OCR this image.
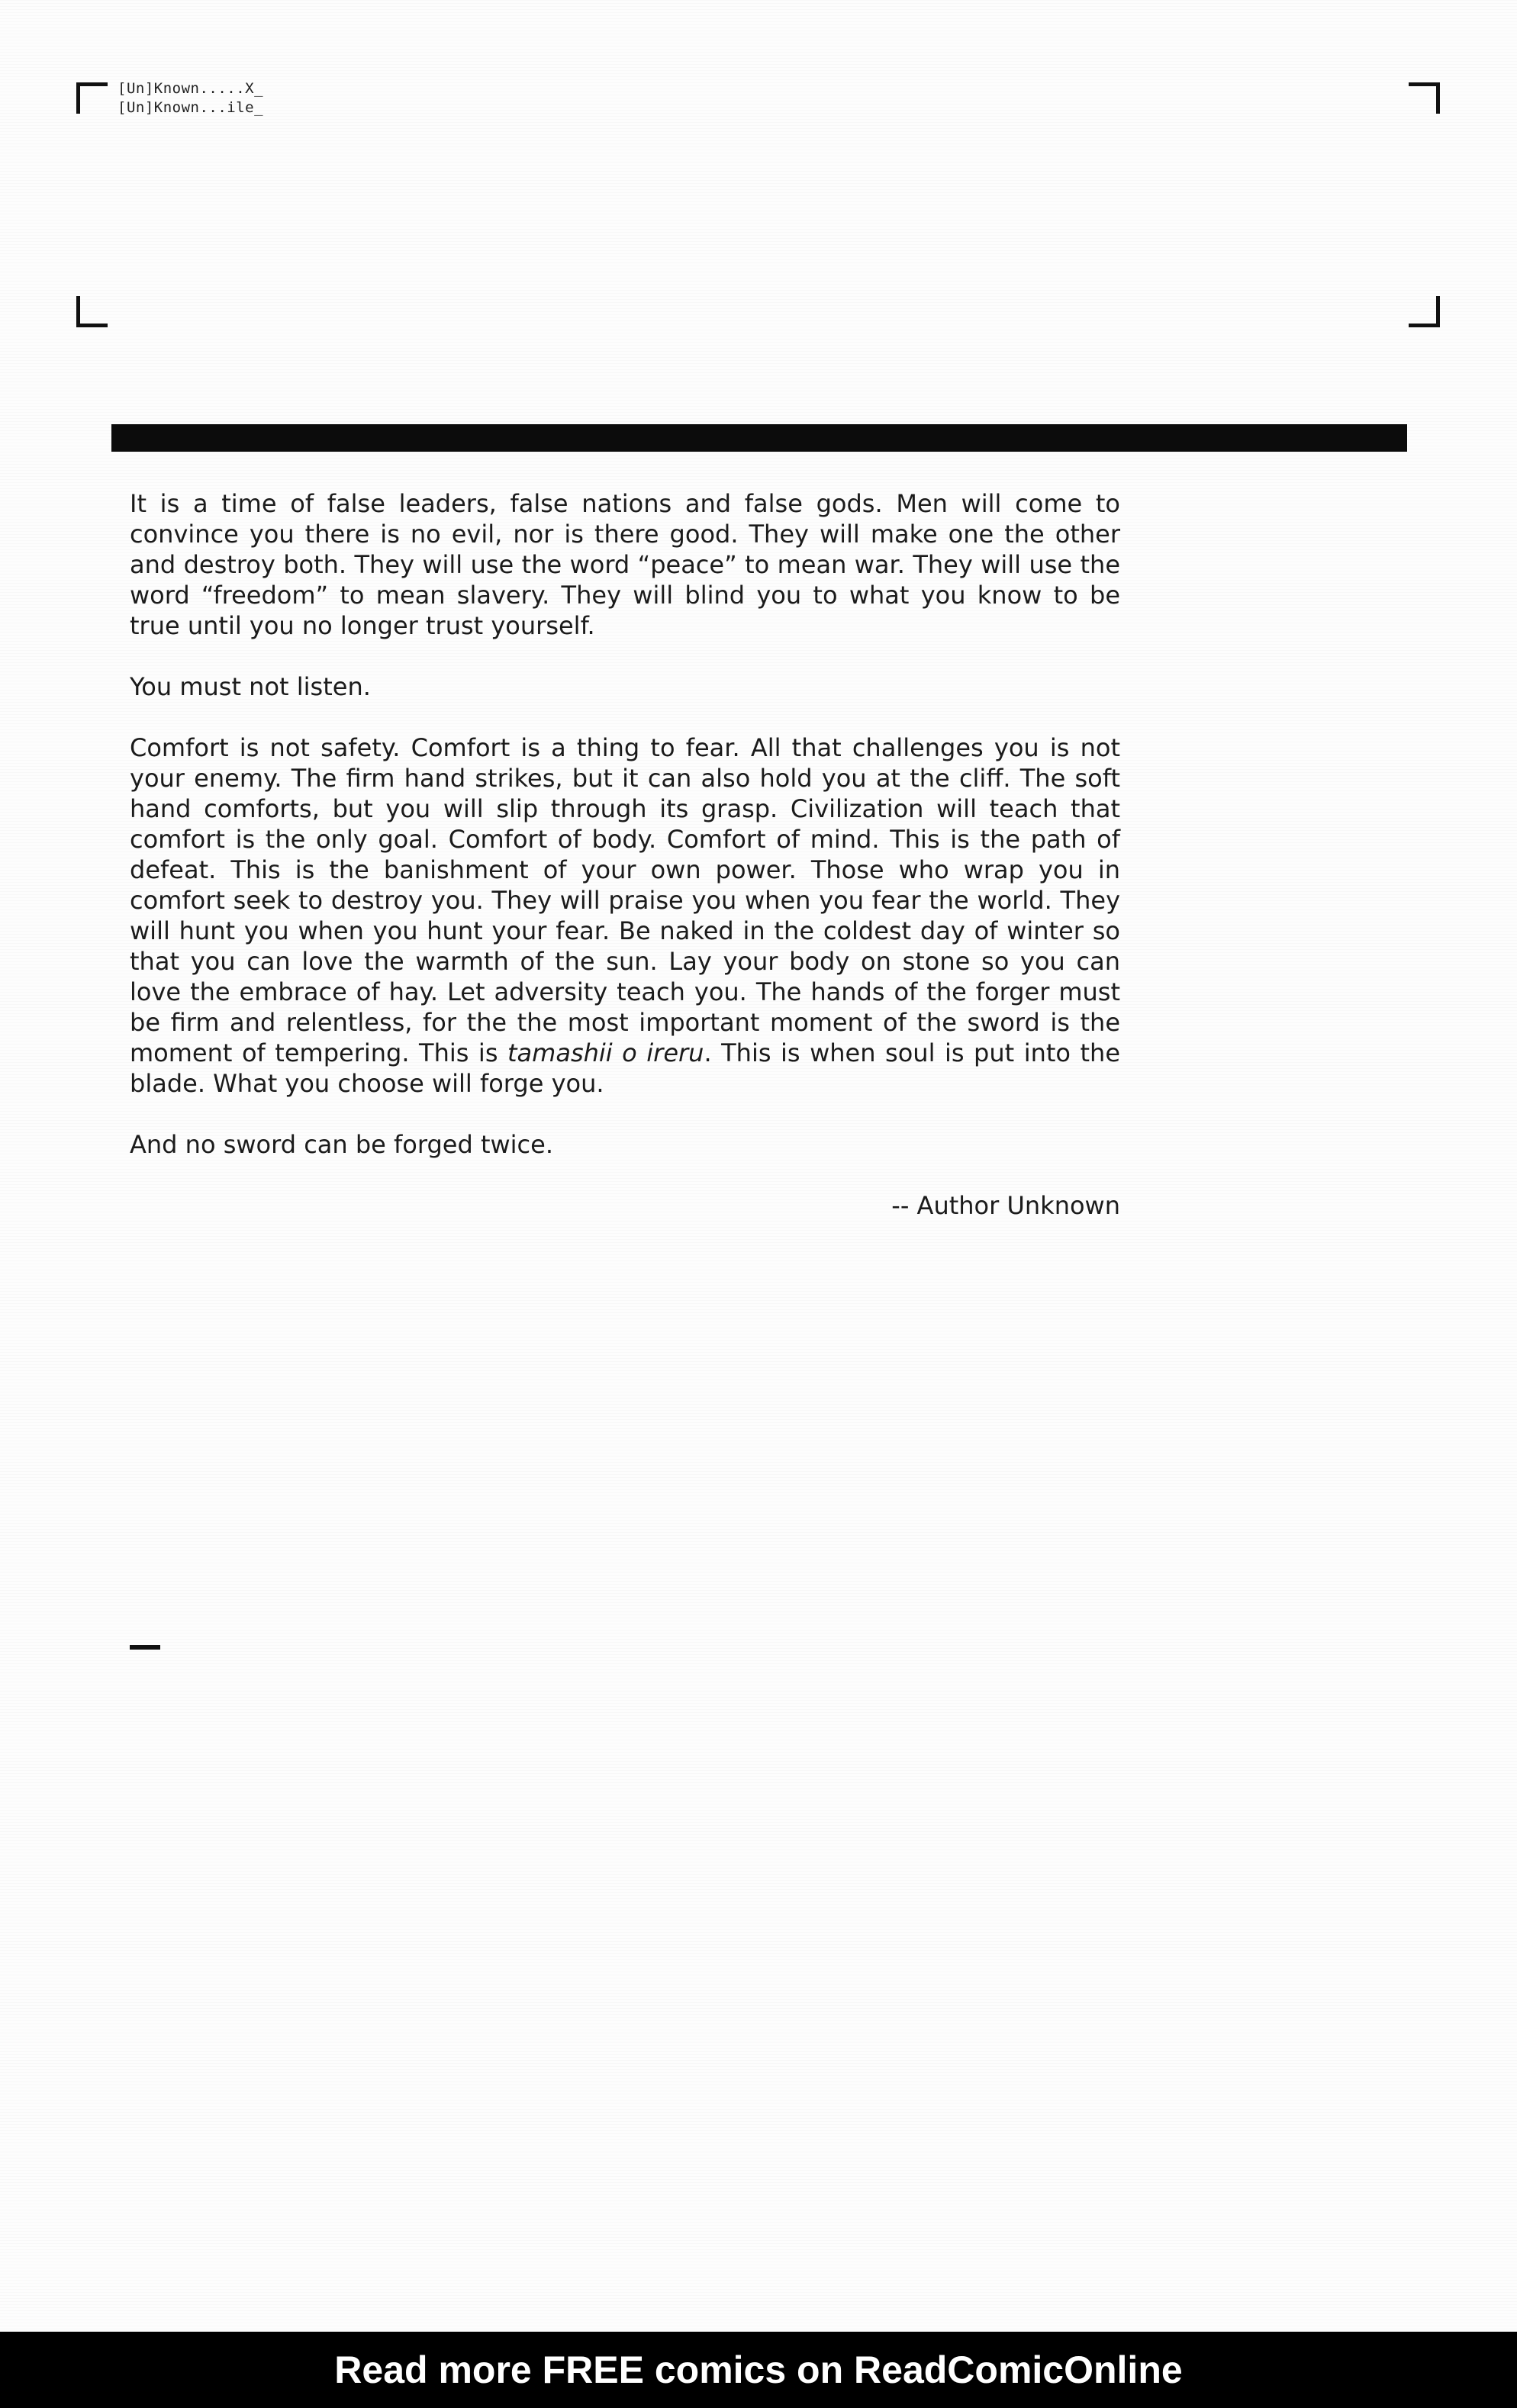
[Un]Known.....X_
[Un]Known...ile_

It is a time of false leaders, false nations and false gods. Men will come to convince you there is no evil, nor is there good. They will make one the other and destroy both. They will use the word “peace” to mean war. They will use the word “freedom” to mean slavery. They will blind you to what you know to be true until you no longer trust yourself.

You must not listen.

Comfort is not safety. Comfort is a thing to fear. All that challenges you is not your enemy. The firm hand strikes, but it can also hold you at the cliff. The soft hand comforts, but you will slip through its grasp. Civilization will teach that comfort is the only goal. Comfort of body. Comfort of mind. This is the path of defeat. This is the banishment of your own power. Those who wrap you in comfort seek to destroy you. They will praise you when you fear the world. They will hunt you when you hunt your fear. Be naked in the coldest day of winter so that you can love the warmth of the sun. Lay your body on stone so you can love the embrace of hay. Let adversity teach you. The hands of the forger must be firm and relentless, for the the most important moment of the sword is the moment of tempering. This is tamashii o ireru. This is when soul is put into the blade. What you choose will forge you.

And no sword can be forged twice.

-- Author Unknown

Read more FREE comics on ReadComicOnline
